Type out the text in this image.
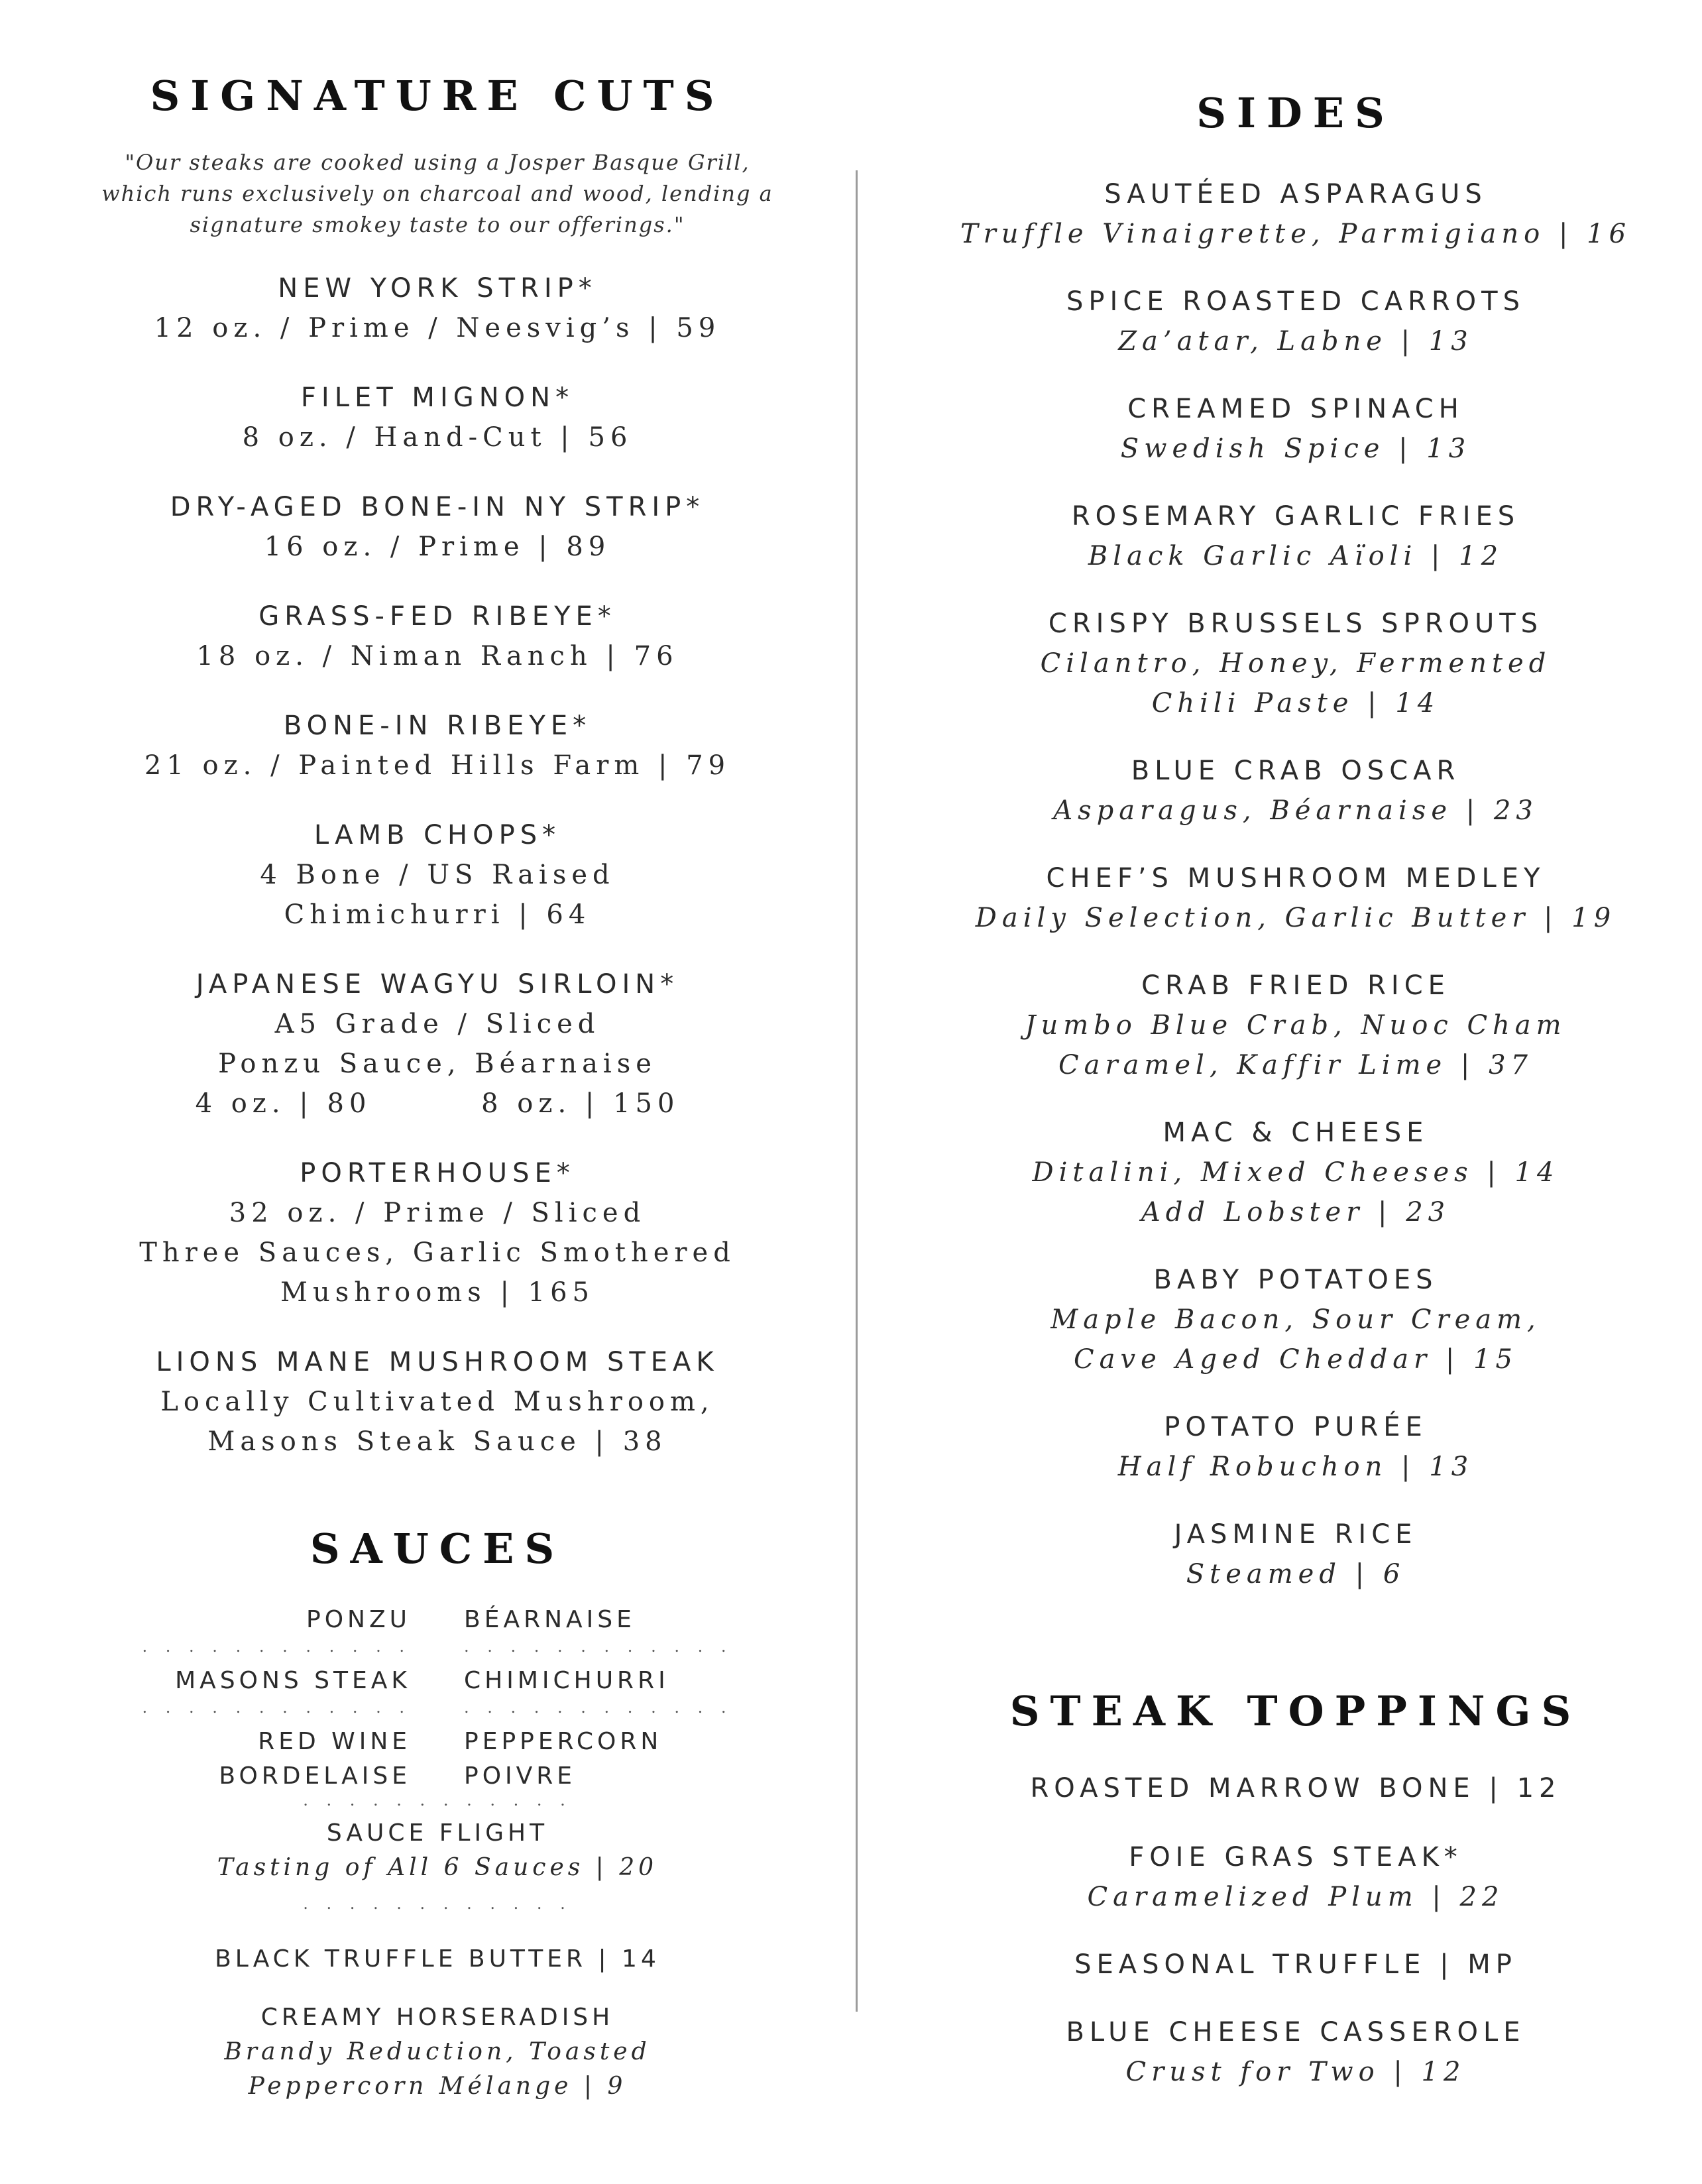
SIGNATURE CUTS
"Our steaks are cooked using a Josper Basque Grill,
which runs exclusively on charcoal and wood, lending a
signature smokey taste to our offerings."
NEW YORK STRIP*
12 oz. / Prime / Neesvig’s | 59
FILET MIGNON*
8 oz. / Hand-Cut | 56
DRY-AGED BONE-IN NY STRIP*
16 oz. / Prime | 89
GRASS-FED RIBEYE*
18 oz. / Niman Ranch | 76
BONE-IN RIBEYE*
21 oz. / Painted Hills Farm | 79
LAMB CHOPS*
4 Bone / US Raised
Chimichurri | 64
JAPANESE WAGYU SIRLOIN*
A5 Grade / Sliced
Ponzu Sauce, Béarnaise
4 oz. | 80        8 oz. | 150
PORTERHOUSE*
32 oz. / Prime / Sliced
Three Sauces, Garlic Smothered
Mushrooms | 165
LIONS MANE MUSHROOM STEAK
Locally Cultivated Mushroom,
Masons Steak Sauce | 38
SAUCES
PONZU BÉARNAISE
. . . . . . . . . . . .	. . . . . . . . . . . .
MASONS STEAK CHIMICHURRI
. . . . . . . . . . . .	. . . . . . . . . . . .
RED WINE
BORDELAISE
PEPPERCORN
POIVRE
. . . . . . . . . . . .
SAUCE FLIGHT
Tasting of All 6 Sauces | 20
. . . . . . . . . . . .
BLACK TRUFFLE BUTTER | 14
CREAMY HORSERADISH
Brandy Reduction, Toasted
Peppercorn Mélange | 9
SIDES
SAUTÉED ASPARAGUS
Truffle Vinaigrette, Parmigiano | 16
SPICE ROASTED CARROTS
Za’atar, Labne | 13
CREAMED SPINACH
Swedish Spice | 13
ROSEMARY GARLIC FRIES
Black Garlic Aïoli | 12
CRISPY BRUSSELS SPROUTS
Cilantro, Honey, Fermented
Chili Paste | 14
BLUE CRAB OSCAR
Asparagus, Béarnaise | 23
CHEF’S MUSHROOM MEDLEY
Daily Selection, Garlic Butter | 19
CRAB FRIED RICE
Jumbo Blue Crab, Nuoc Cham
Caramel, Kaffir Lime | 37
MAC & CHEESE
Ditalini, Mixed Cheeses | 14
Add Lobster | 23
BABY POTATOES
Maple Bacon, Sour Cream,
Cave Aged Cheddar | 15
POTATO PURÉE
Half Robuchon | 13
JASMINE RICE
Steamed | 6
STEAK TOPPINGS
ROASTED MARROW BONE | 12
FOIE GRAS STEAK*
Caramelized Plum | 22
SEASONAL TRUFFLE | MP
BLUE CHEESE CASSEROLE
Crust for Two | 12
